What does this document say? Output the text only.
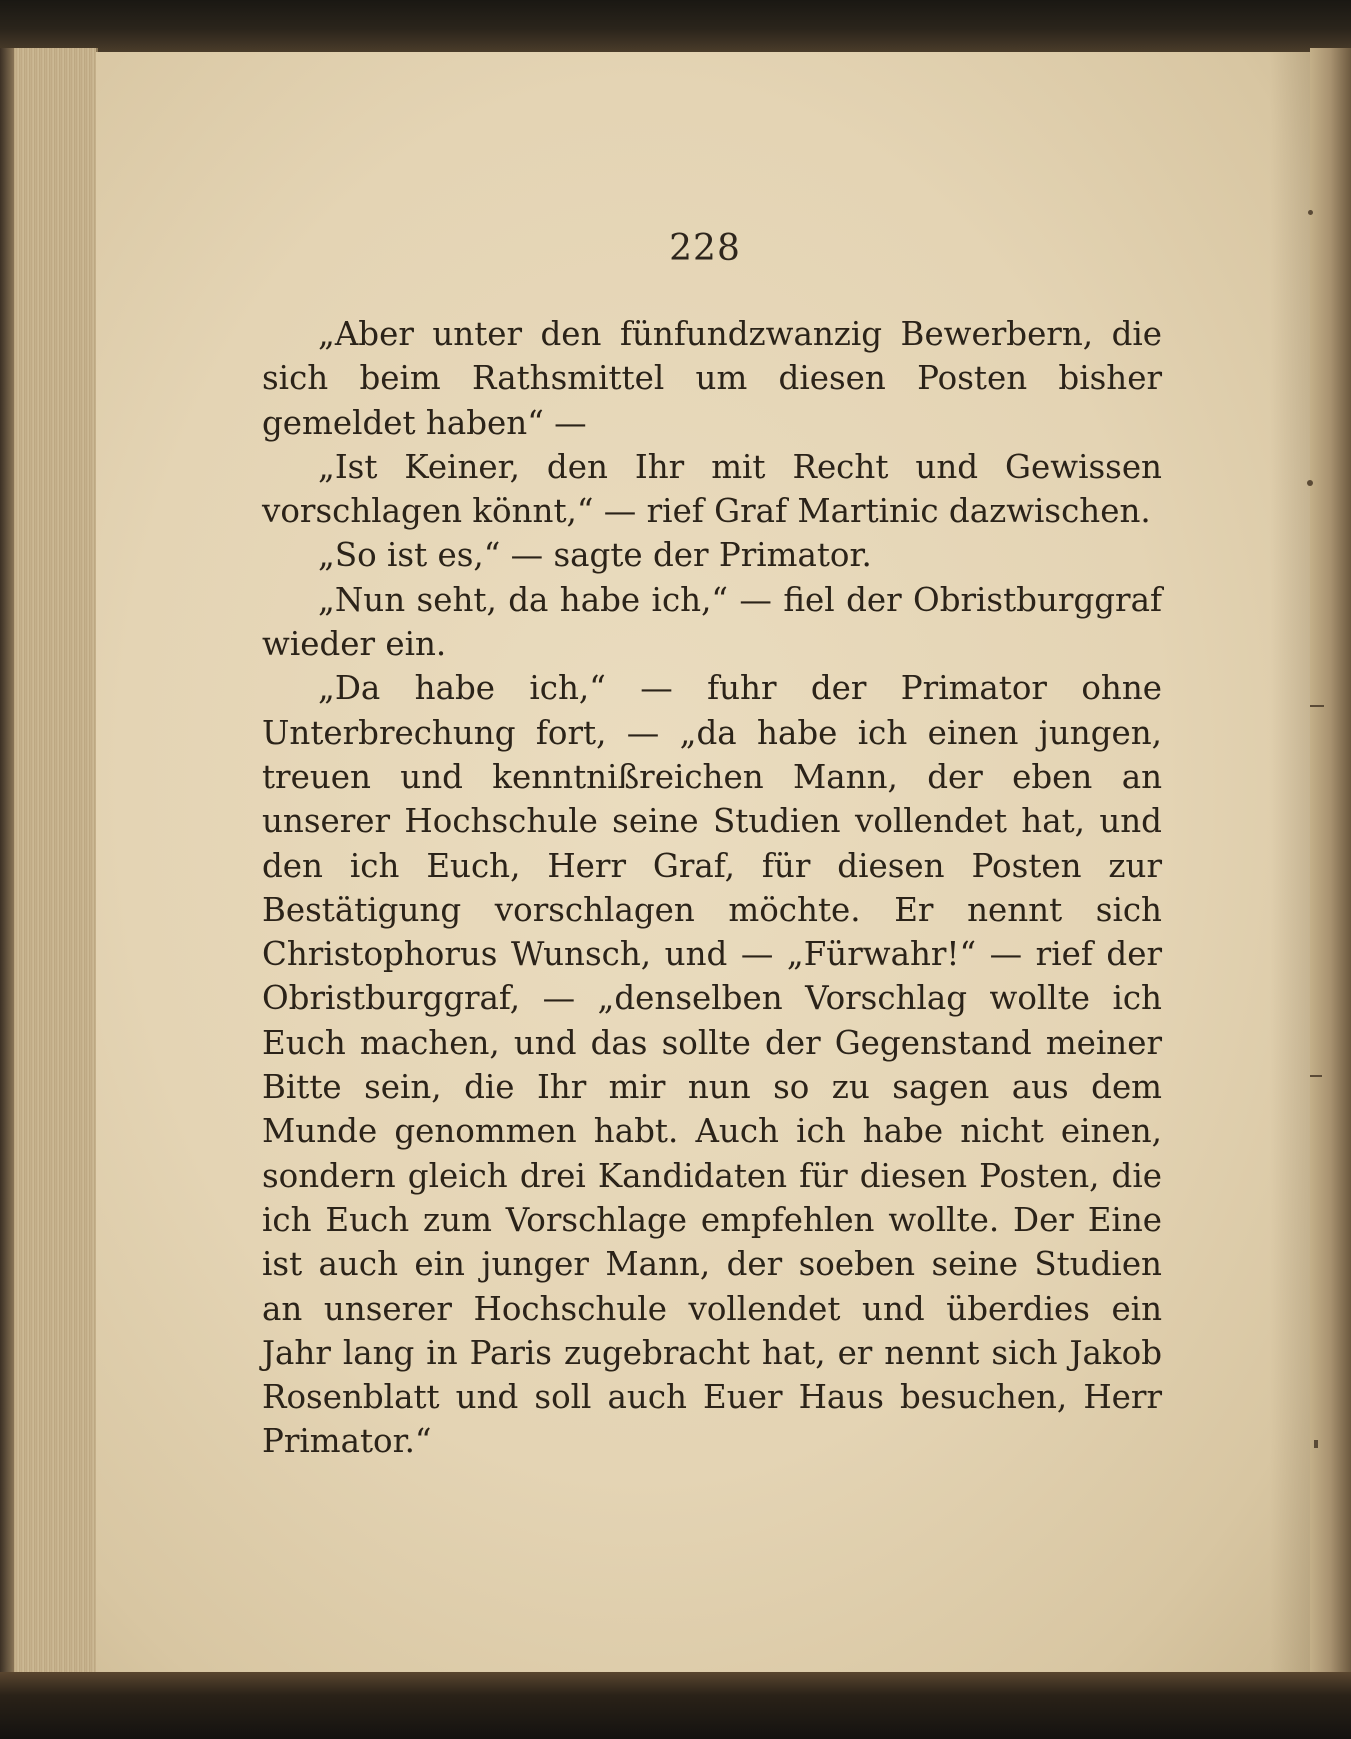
228

„Aber unter den fünfundzwanzig Bewerbern, die sich beim Rathsmittel um diesen Posten bisher gemeldet haben“ —

„Ist Keiner, den Ihr mit Recht und Gewissen vorschlagen könnt,“ — rief Graf Martinic dazwischen.

„So ist es,“ — sagte der Primator.

„Nun seht, da habe ich,“ — fiel der Obristburggraf wieder ein.

„Da habe ich,“ — fuhr der Primator ohne Unterbrechung fort, — „da habe ich einen jungen, treuen und kenntnißreichen Mann, der eben an unserer Hochschule seine Studien vollendet hat, und den ich Euch, Herr Graf, für diesen Posten zur Bestätigung vorschlagen möchte. Er nennt sich Christophorus Wunsch, und — „Fürwahr!“ — rief der Obristburggraf, — „denselben Vorschlag wollte ich Euch machen, und das sollte der Gegenstand meiner Bitte sein, die Ihr mir nun so zu sagen aus dem Munde genommen habt. Auch ich habe nicht einen, sondern gleich drei Kandidaten für diesen Posten, die ich Euch zum Vorschlage empfehlen wollte. Der Eine ist auch ein junger Mann, der soeben seine Studien an unserer Hochschule vollendet und überdies ein Jahr lang in Paris zugebracht hat, er nennt sich Jakob Rosenblatt und soll auch Euer Haus besuchen, Herr Primator.“
